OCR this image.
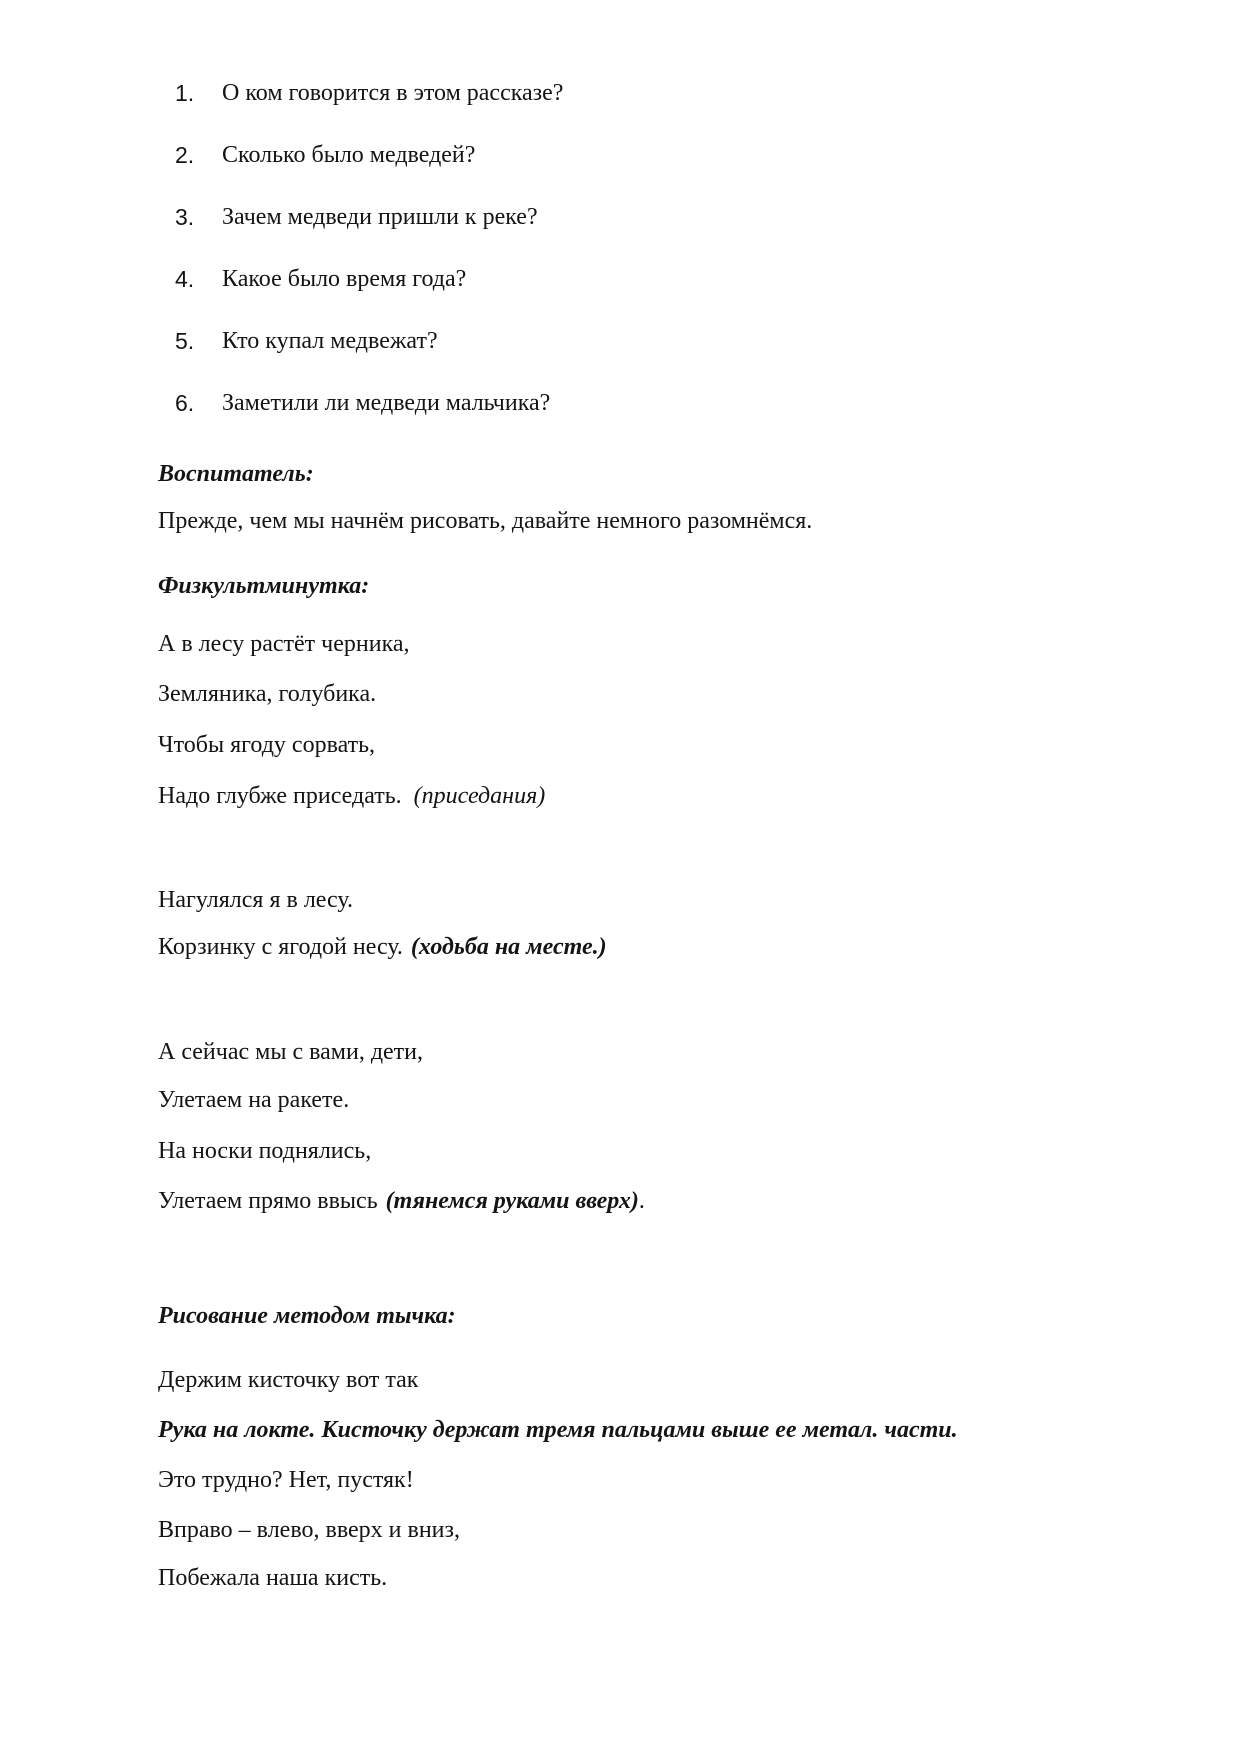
1.	О ком говорится в этом рассказе?
2.	Сколько было медведей?
3.	Зачем медведи пришли к реке?
4.	Какое было время года?
5.	Кто купал медвежат?
6.	Заметили ли медведи мальчика?

Воспитатель:

Прежде, чем мы начнём рисовать, давайте немного разомнёмся.

Физкультминутка:

А в лесу растёт черника,

Земляника, голубика.

Чтобы ягоду сорвать,

Надо глубже приседать. (приседания)

Нагулялся я в лесу.

Корзинку с ягодой несу. (ходьба на месте.)

А сейчас мы с вами, дети,

Улетаем на ракете.

На носки поднялись,

Улетаем прямо ввысь (тянемся руками вверх).

Рисование методом тычка:

Держим кисточку вот так

Рука на локте. Кисточку держат тремя пальцами выше ее метал. части.

Это трудно? Нет, пустяк!

Вправо – влево, вверх и вниз,

Побежала наша кисть.
